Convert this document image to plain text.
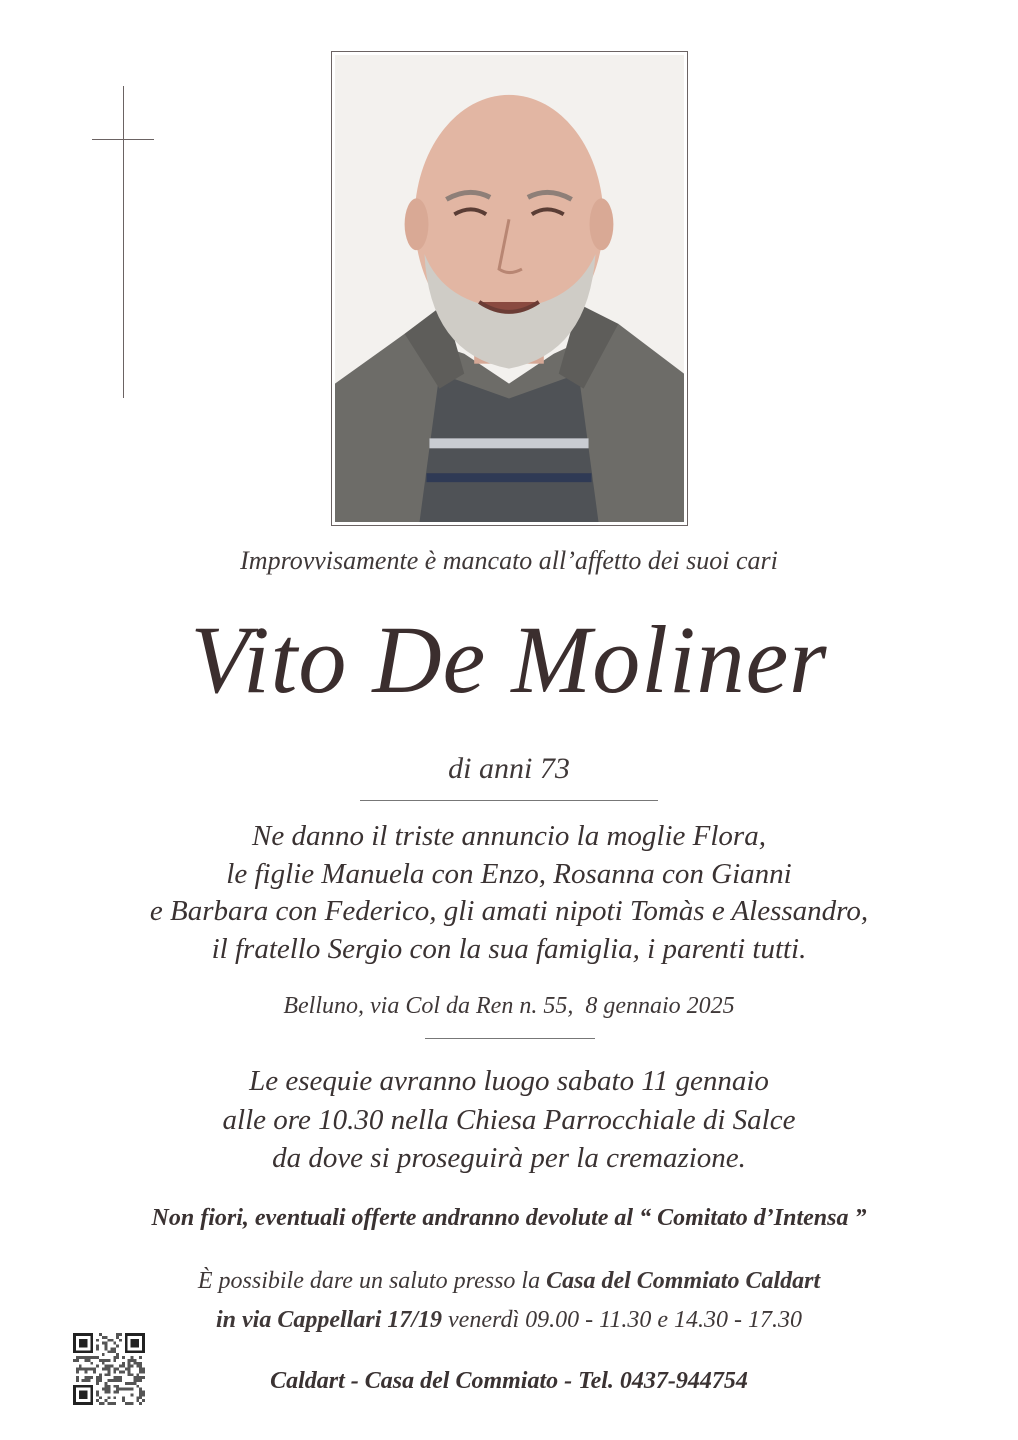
Improvvisamente è mancato all’affetto dei suoi cari
Vito De Moliner
di anni 73
Ne danno il triste annuncio la moglie Flora,
le figlie Manuela con Enzo, Rosanna con Gianni
e Barbara con Federico, gli amati nipoti Tomàs e Alessandro,
il fratello Sergio con la sua famiglia, i parenti tutti.
Belluno, via Col da Ren n. 55,  8 gennaio 2025
Le esequie avranno luogo sabato 11 gennaio
alle ore 10.30 nella Chiesa Parrocchiale di Salce
da dove si proseguirà per la cremazione.
Non fiori, eventuali offerte andranno devolute al “ Comitato d’Intensa ”
È possibile dare un saluto presso la Casa del Commiato Caldart
in via Cappellari 17/19 venerdì 09.00 - 11.30 e 14.30 - 17.30
Caldart - Casa del Commiato - Tel. 0437-944754
